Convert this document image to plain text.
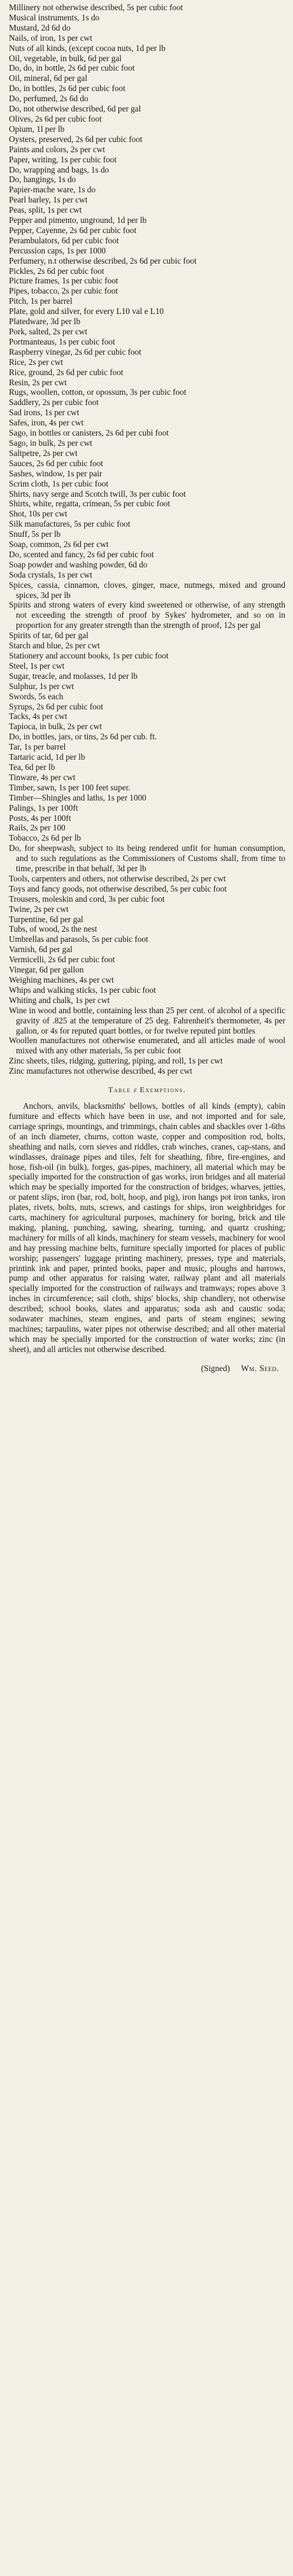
Millinery not otherwise described, 5s per cubic foot

Musical instruments, 1s do

Mustard, 2d 6d do

Nails, of iron, 1s per cwt

Nuts of all kinds, (except cocoa nuts, 1d per lb

Oil, vegetable, in bulk, 6d per gal

Do, do, in bottle, 2s 6d per cubic foot

Oil, mineral, 6d per gal

Do, in bottles, 2s 6d per cubic foot

Do, perfumed, 2s 6d do

Do, not otherwise described, 6d per gal

Olives, 2s 6d per cubic foot

Opium, 1l per lb

Oysters, preserved, 2s 6d per cubic foot

Paints and colors, 2s per cwt

Paper, writing, 1s per cubic foot

Do, wrapping and bags, 1s do

Do, hangings, 1s do

Papier-mache ware, 1s do

Pearl barley, 1s per cwt

Peas, split, 1s per cwt

Pepper and pimento, unground, 1d per lb

Pepper, Cayenne, 2s 6d per cubic foot

Perambulators, 6d per cubic foot

Percussion caps, 1s per 1000

Perfumery, n.t otherwise described, 2s 6d per cubic foot

Pickles, 2s 6d per cubic foot

Picture frames, 1s per cubic foot

Pipes, tobacco, 2s per cubic foot

Pitch, 1s per barrel

Plate, gold and silver, for every L10 val e L10

Platedware, 3d per lb

Pork, salted, 2s per cwt

Portmanteaus, 1s per cubic foot

Raspberry vinegar, 2s 6d per cubic foot

Rice, 2s per cwt

Rice, ground, 2s 6d per cubic foot

Resin, 2s per cwt

Rugs, woollen, cotton, or opossum, 3s per cubic foot

Saddlery, 2s per cubic foot

Sad irons, 1s per cwt

Safes, iron, 4s per cwt

Sago, in bottles or canisters, 2s 6d per cubi foot

Sago, in bulk, 2s per cwt

Saltpetre, 2s per cwt

Sauces, 2s 6d per cubic foot

Sashes, window, 1s per pair

Scrim cloth, 1s per cubic foot

Shirts, navy serge and Scotch twill, 3s per cubic foot

Shirts, white, regatta, crimean, 5s per cubic foot

Shot, 10s per cwt

Silk manufactures, 5s per cubic foot

Snuff, 5s per lb

Soap, common, 2s 6d per cwt

Do, scented and fancy, 2s 6d per cubic foot

Soap powder and washing powder, 6d do

Soda crystals, 1s per cwt

Spices, cassia, cinnamon, cloves, ginger, mace, nutmegs, mixed and ground spices, 3d per lb

Spirits and strong waters of every kind sweetened or otherwise, of any strength not exceeding the strength of proof by Sykes' hydrometer, and so on in proportion for any greater strength than the strength of proof, 12s per gal

Spirits of tar, 6d per gal

Starch and blue, 2s per cwt

Stationery and account books, 1s per cubic foot

Steel, 1s per cwt

Sugar, treacle, and molasses, 1d per lb

Sulphur, 1s per cwt

Swords, 5s each

Syrups, 2s 6d per cubic foot

Tacks, 4s per cwt

Tapioca, in bulk, 2s per cwt

Do, in bottles, jars, or tins, 2s 6d per cub. ft.

Tar, 1s per barrel

Tartaric acid, 1d per lb

Tea, 6d per lb

Tinware, 4s per cwt

Timber, sawn, 1s per 100 feet super.

Timber—Shingles and laths, 1s per 1000

Palings, 1s per 100ft

Posts, 4s per 100ft

Rails, 2s per 100

Tobacco, 2s 6d per lb

Do, for sheepwash, subject to its being rendered unfit for human consumption, and to such regulations as the Commissioners of Customs shall, from time to time, prescribe in that behalf, 3d per lb

Tools, carpenters and others, not otherwise described, 2s per cwt

Toys and fancy goods, not otherwise described, 5s per cubic foot

Trousers, moleskin and cord, 3s per cubic foot

Twine, 2s per cwt

Turpentine, 6d per gal

Tubs, of wood, 2s the nest

Umbrellas and parasols, 5s per cubic foot

Varnish, 6d per gal

Vermicelli, 2s 6d per cubic foot

Vinegar, 6d per gallon

Weighing machines, 4s per cwt

Whips and walking sticks, 1s per cubic foot

Whiting and chalk, 1s per cwt

Wine in wood and bottle, containing less than 25 per cent. of alcohol of a specific gravity of .825 at the temperature of 25 deg. Fahrenheit's thermometer, 4s per gallon, or 4s for reputed quart bottles, or for twelve reputed pint bottles

Woollen manufactures not otherwise enumerated, and all articles made of wool mixed with any other materials, 5s per cubic foot

Zinc sheets, tiles, ridging, guttering, piping, and roll, 1s per cwt

Zinc manufactures not otherwise described, 4s per cwt

Table f Exemptions.

Anchors, anvils, blacksmiths' bellows, bottles of all kinds (empty), cabin furniture and effects which have been in use, and not imported and for sale, carriage springs, mountings, and trimmings, chain cables and shackles over 1-6ths of an inch diameter, churns, cotton waste, copper and composition rod, bolts, sheathing and nails, corn sieves and riddles, crab winches, cranes, cap-stans, and windlasses, drainage pipes and tiles, felt for sheathing, fibre, fire-engines, and hose, fish-oil (in bulk), forges, gas-pipes, machinery, all material which may be specially imported for the construction of gas works, iron bridges and all material which may be specially imported for the construction of bridges, wharves, jetties, or patent slips, iron (bar, rod, bolt, hoop, and pig), iron hangs pot iron tanks, iron plates, rivets, bolts, nuts, screws, and castings for ships, iron weighbridges for carts, machinery for agricultural purposes, machinery for boring, brick and tile making, planing, punching, sawing, shearing, turning, and quartz crushing; machinery for mills of all kinds, machinery for steam vessels, machinery for wool and hay pressing machine belts, furniture specially imported for places of public worship; passengers' luggage printing machinery, presses, type and materials, printink ink and paper, printed books, paper and music, ploughs and harrows, pump and other apparatus for raising water, railway plant and all materials specially imported for the construction of railways and tramways; ropes above 3 inches in circumference; sail cloth, ships' blocks, ship chandlery, not otherwise described; school books, slates and apparatus; soda ash and caustic soda; sodawater machines, steam engines, and parts of steam engines; sewing machines; tarpaulins, water pipes not otherwise described; and all other material which may be specially imported for the construction of water works; zinc (in sheet), and all articles not otherwise described.

(Signed) Wm. Seed.
